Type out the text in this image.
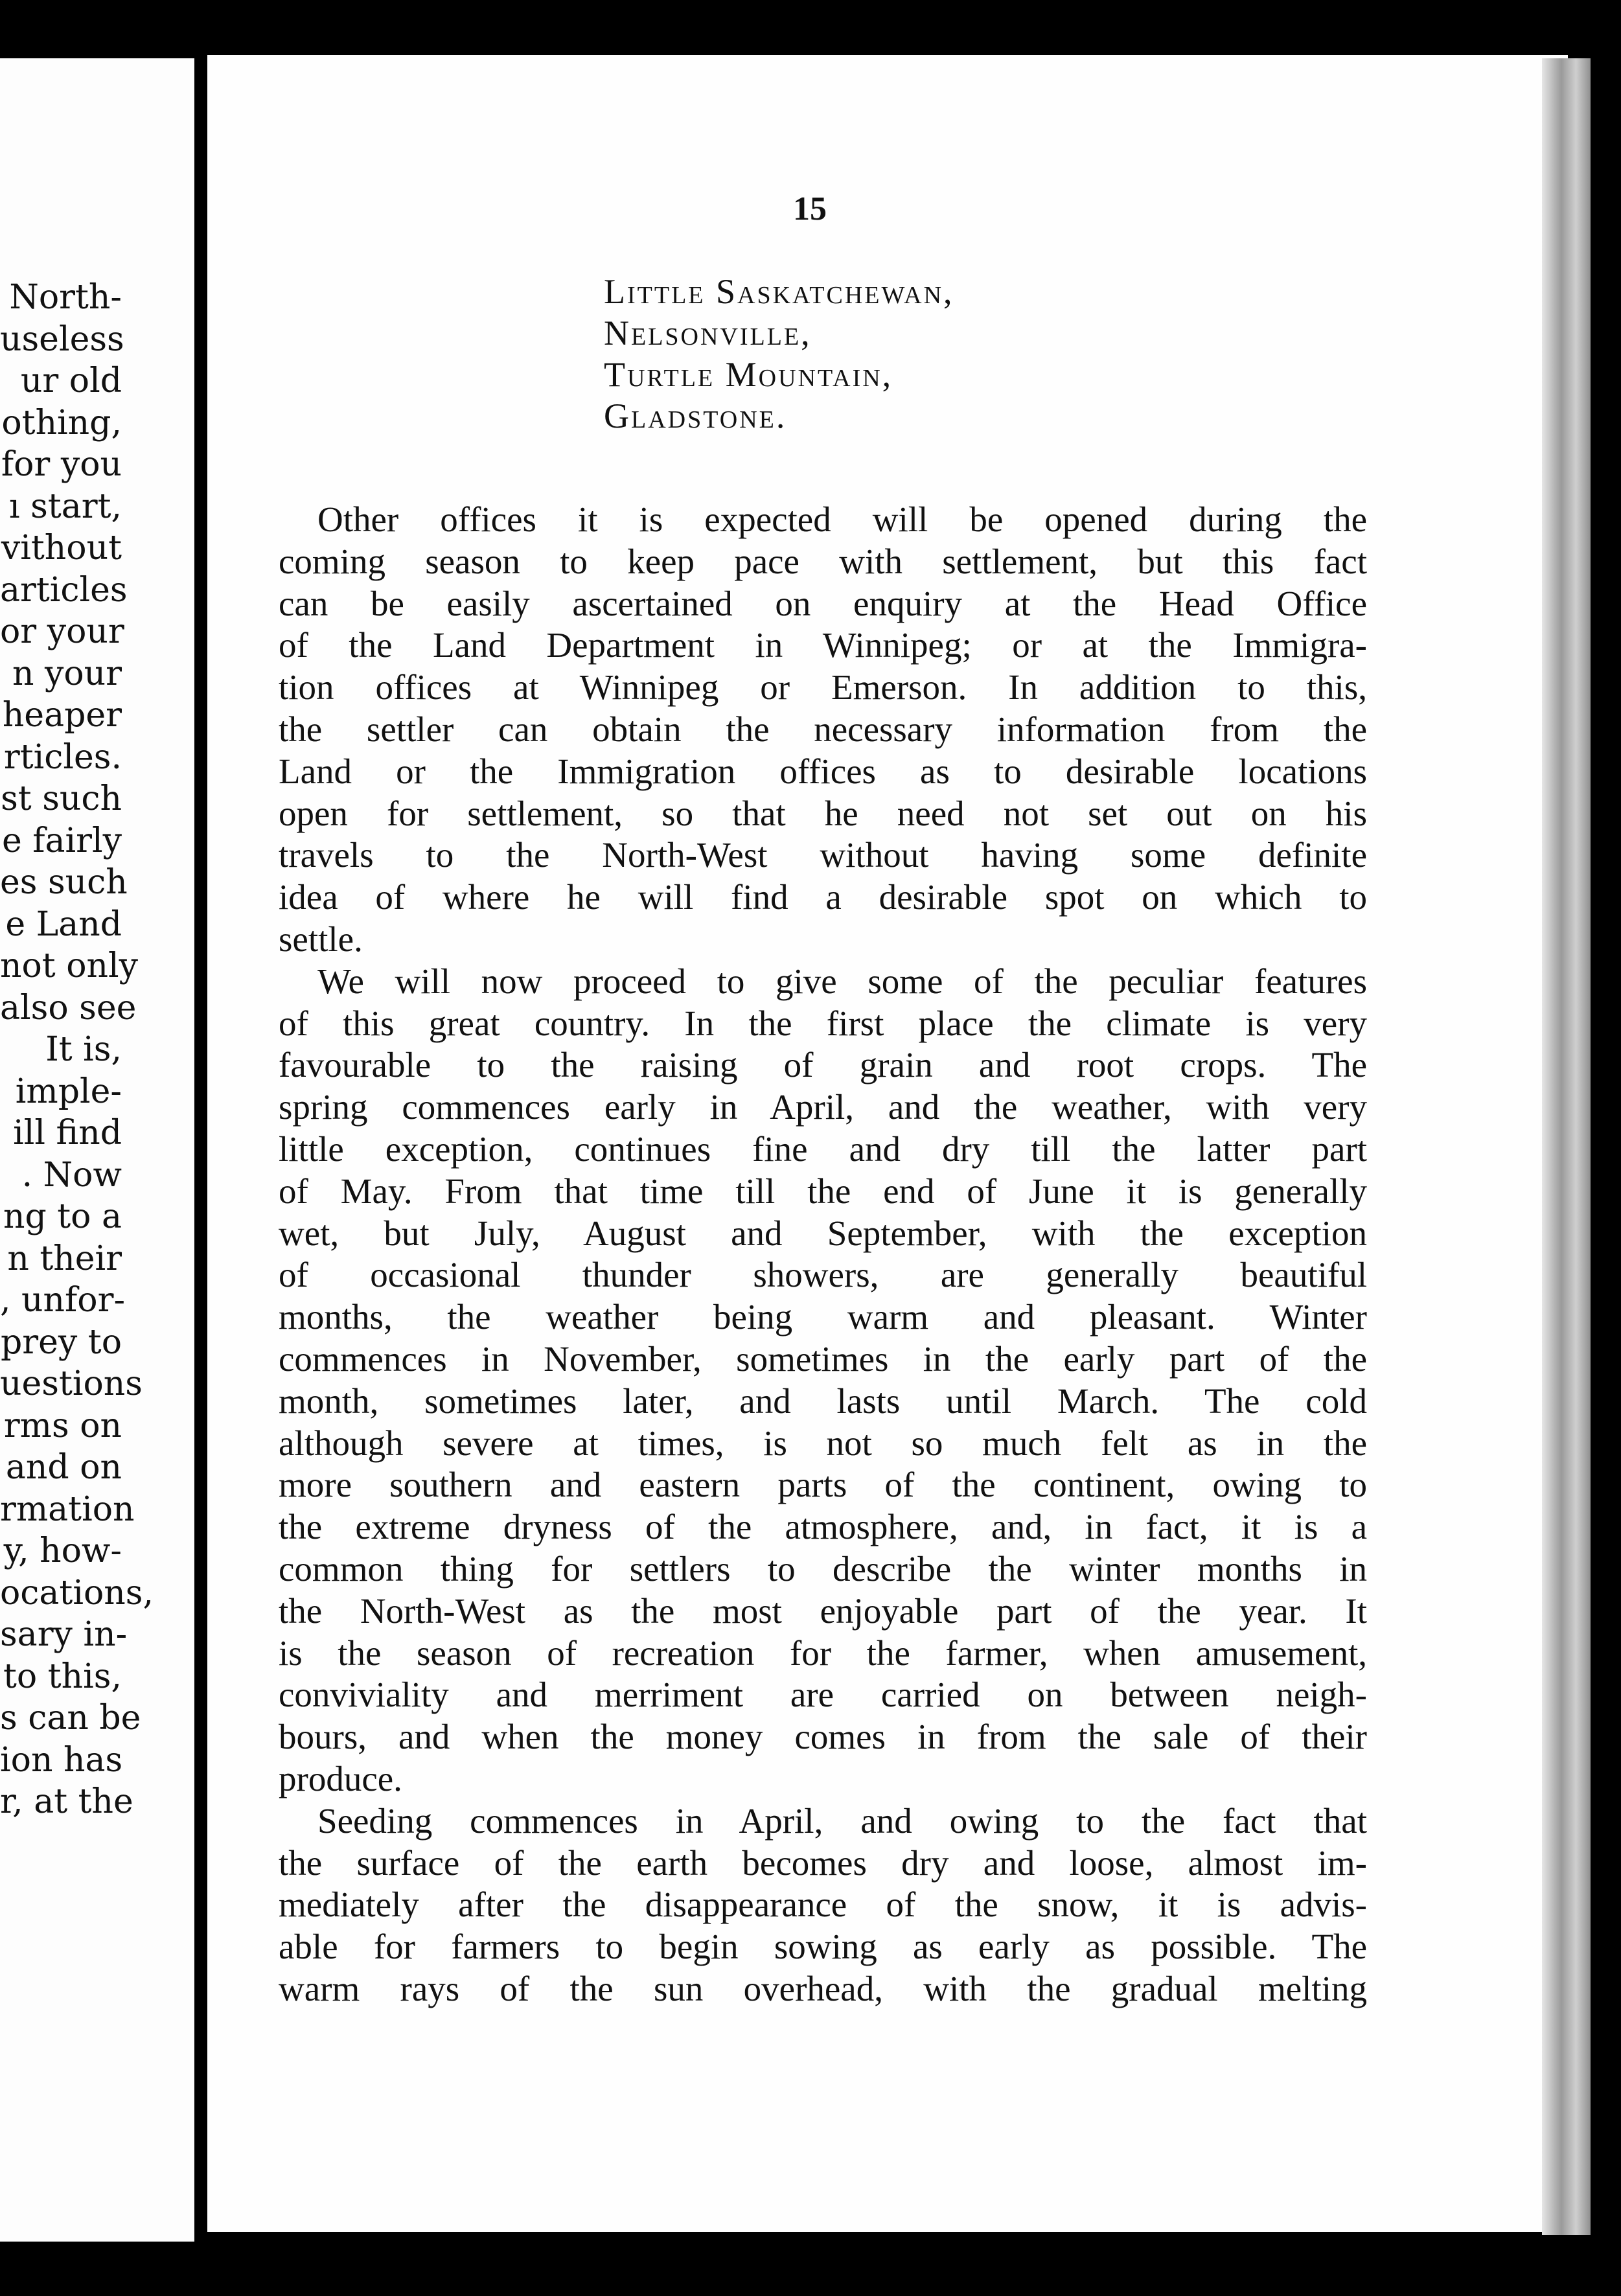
North-
useless
ur old
othing,
for you
ı start,
vithout
articles
or your
n your
heaper
rticles.
st such
e fairly
es such
e Land
not only
also see
It is,
implе-
ill find
. Now
ng to a
n their
, unfor-
prey to
uestions
rms on
and on
rmation
y, how-
ocations,
sary in-
to this,
s can be
ion has
r, at the
15
Little Saskatchewan,
Nelsonville,
Turtle Mountain,
Gladstone.
Other offices it is expected will be opened during the
coming season to keep pace with settlement, but this fact
can be easily ascertained on enquiry at the Head Office
of the Land Department in Winnipeg; or at the Immigra-
tion offices at Winnipeg or Emerson. In addition to this,
the settler can obtain the necessary information from the
Land or the Immigration offices as to desirable locations
open for settlement, so that he need not set out on his
travels to the North-West without having some definite
idea of where he will find a desirable spot on which to
settle.
We will now proceed to give some of the peculiar features
of this great country. In the first place the climate is very
favourable to the raising of grain and root crops. The
spring commences early in April, and the weather, with very
little exception, continues fine and dry till the latter part
of May. From that time till the end of June it is generally
wet, but July, August and September, with the exception
of occasional thunder showers, are generally beautiful
months, the weather being warm and pleasant. Winter
commences in November, sometimes in the early part of the
month, sometimes later, and lasts until March. The cold
although severe at times, is not so much felt as in the
more southern and eastern parts of the continent, owing to
the extreme dryness of the atmosphere, and, in fact, it is a
common thing for settlers to describe the winter months in
the North-West as the most enjoyable part of the year. It
is the season of recreation for the farmer, when amusement,
conviviality and merriment are carried on between neigh-
bours, and when the money comes in from the sale of their
produce.
Seeding commences in April, and owing to the fact that
the surface of the earth becomes dry and loose, almost im-
mediately after the disappearance of the snow, it is advis-
able for farmers to begin sowing as early as possible. The
warm rays of the sun overhead, with the gradual melting
